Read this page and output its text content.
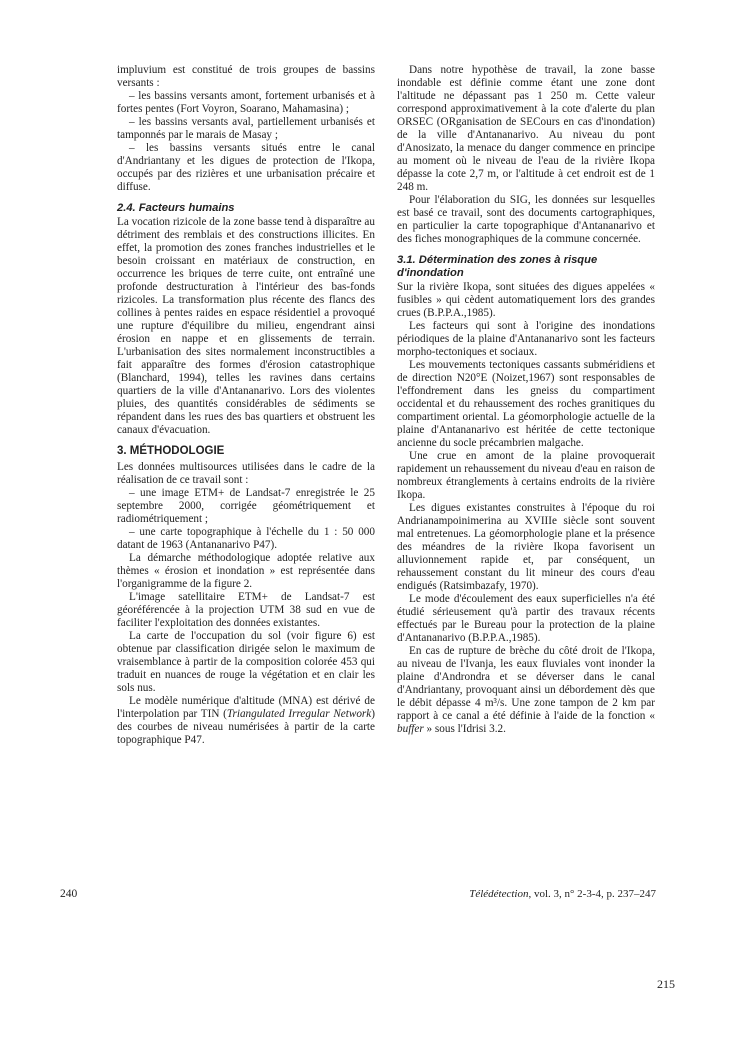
impluvium est constitué de trois groupes de bassins versants :

– les bassins versants amont, fortement urbanisés et à fortes pentes (Fort Voyron, Soarano, Mahamasina) ;

– les bassins versants aval, partiellement urbanisés et tamponnés par le marais de Masay ;

– les bassins versants situés entre le canal d'Andriantany et les digues de protection de l'Ikopa, occupés par des rizières et une urbanisation précaire et diffuse.

2.4. Facteurs humains

La vocation rizicole de la zone basse tend à disparaître au détriment des remblais et des constructions illicites. En effet, la promotion des zones franches industrielles et le besoin croissant en matériaux de construction, en occurrence les briques de terre cuite, ont entraîné une profonde destructuration à l'intérieur des bas-fonds rizicoles. La transformation plus récente des flancs des collines à pentes raides en espace résidentiel a provoqué une rupture d'équilibre du milieu, engendrant ainsi érosion en nappe et en glissements de terrain. L'urbanisation des sites normalement inconstructibles a fait apparaître des formes d'érosion catastrophique (Blanchard, 1994), telles les ravines dans certains quartiers de la ville d'Antananarivo. Lors des violentes pluies, des quantités considérables de sédiments se répandent dans les rues des bas quartiers et obstruent les canaux d'évacuation.

3. MÉTHODOLOGIE

Les données multisources utilisées dans le cadre de la réalisation de ce travail sont :

– une image ETM+ de Landsat-7 enregistrée le 25 septembre 2000, corrigée géométriquement et radiométriquement ;

– une carte topographique à l'échelle du 1 : 50 000 datant de 1963 (Antananarivo P47).

La démarche méthodologique adoptée relative aux thèmes « érosion et inondation » est représentée dans l'organigramme de la figure 2.

L'image satellitaire ETM+ de Landsat-7 est géoréférencée à la projection UTM 38 sud en vue de faciliter l'exploitation des données existantes.

La carte de l'occupation du sol (voir figure 6) est obtenue par classification dirigée selon le maximum de vraisemblance à partir de la composition colorée 453 qui traduit en nuances de rouge la végétation et en clair les sols nus.

Le modèle numérique d'altitude (MNA) est dérivé de l'interpolation par TIN (Triangulated Irregular Network) des courbes de niveau numérisées à partir de la carte topographique P47.

Dans notre hypothèse de travail, la zone basse inondable est définie comme étant une zone dont l'altitude ne dépassant pas 1 250 m. Cette valeur correspond approximativement à la cote d'alerte du plan ORSEC (ORganisation de SECours en cas d'inondation) de la ville d'Antananarivo. Au niveau du pont d'Anosizato, la menace du danger commence en principe au moment où le niveau de l'eau de la rivière Ikopa dépasse la cote 2,7 m, or l'altitude à cet endroit est de 1 248 m.

Pour l'élaboration du SIG, les données sur lesquelles est basé ce travail, sont des documents cartographiques, en particulier la carte topographique d'Antananarivo et des fiches monographiques de la commune concernée.

3.1. Détermination des zones à risque d'inondation

Sur la rivière Ikopa, sont situées des digues appelées « fusibles » qui cèdent automatiquement lors des grandes crues (B.P.P.A.,1985).

Les facteurs qui sont à l'origine des inondations périodiques de la plaine d'Antananarivo sont les facteurs morpho-tectoniques et sociaux.

Les mouvements tectoniques cassants subméridiens et de direction N20°E (Noizet,1967) sont responsables de l'effondrement dans les gneiss du compartiment occidental et du rehaussement des roches granitiques du compartiment oriental. La géomorphologie actuelle de la plaine d'Antananarivo est héritée de cette tectonique ancienne du socle précambrien malgache.

Une crue en amont de la plaine provoquerait rapidement un rehaussement du niveau d'eau en raison de nombreux étranglements à certains endroits de la rivière Ikopa.

Les digues existantes construites à l'époque du roi Andrianampoinimerina au XVIIIe siècle sont souvent mal entretenues. La géomorphologie plane et la présence des méandres de la rivière Ikopa favorisent un alluvionnement rapide et, par conséquent, un rehaussement constant du lit mineur des cours d'eau endigués (Ratsimbazafy, 1970).

Le mode d'écoulement des eaux superficielles n'a été étudié sérieusement qu'à partir des travaux récents effectués par le Bureau pour la protection de la plaine d'Antananarivo (B.P.P.A.,1985).

En cas de rupture de brèche du côté droit de l'Ikopa, au niveau de l'Ivanja, les eaux fluviales vont inonder la plaine d'Androndra et se déverser dans le canal d'Andriantany, provoquant ainsi un débordement dès que le débit dépasse 4 m³/s. Une zone tampon de 2 km par rapport à ce canal a été définie à l'aide de la fonction « buffer » sous l'Idrisi 3.2.

240	Télédétection, vol. 3, n° 2-3-4, p. 237–247
215
